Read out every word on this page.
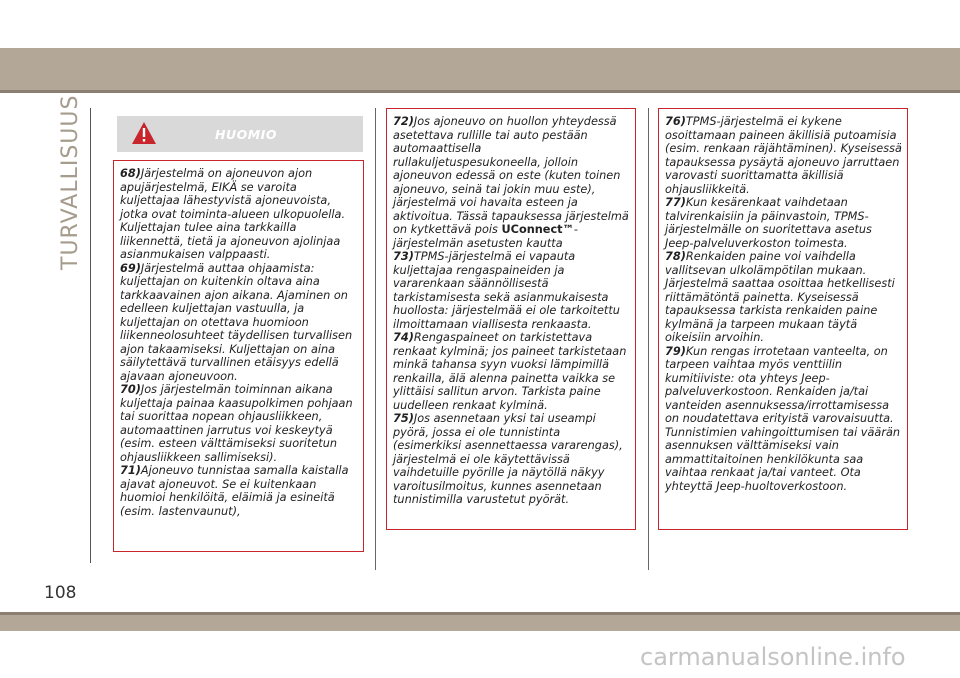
TURVALLISUUS	HUOMIO

68)Järjestelmä on ajoneuvon ajon apujärjestelmä, EIKÄ se varoita kuljettajaa lähestyvistä ajoneuvoista, jotka ovat toiminta-alueen ulkopuolella. Kuljettajan tulee aina tarkkailla liikennettä, tietä ja ajoneuvon ajolinjaa asianmukaisen valppaasti.

69)Järjestelmä auttaa ohjaamista: kuljettajan on kuitenkin oltava aina tarkkaavainen ajon aikana. Ajaminen on edelleen kuljettajan vastuulla, ja kuljettajan on otettava huomioon liikenneolosuhteet täydellisen turvallisen ajon takaamiseksi. Kuljettajan on aina säilytettävä turvallinen etäisyys edellä ajavaan ajoneuvoon.

70)Jos järjestelmän toiminnan aikana kuljettaja painaa kaasupolkimen pohjaan tai suorittaa nopean ohjausliikkeen, automaattinen jarrutus voi keskeytyä (esim. esteen välttämiseksi suoritetun ohjausliikkeen sallimiseksi).

71)Ajoneuvo tunnistaa samalla kaistalla ajavat ajoneuvot. Se ei kuitenkaan huomioi henkilöitä, eläimiä ja esineitä (esim. lastenvaunut),

72)Jos ajoneuvo on huollon yhteydessä asetettava rullille tai auto pestään automaattisella rullakuljetuspesukoneella, jolloin ajoneuvon edessä on este (kuten toinen ajoneuvo, seinä tai jokin muu este), järjestelmä voi havaita esteen ja aktivoitua. Tässä tapauksessa järjestelmä on kytkettävä pois UConnect™-järjestelmän asetusten kautta

73)TPMS-järjestelmä ei vapauta kuljettajaa rengaspaineiden ja vararenkaan säännöllisestä tarkistamisesta sekä asianmukaisesta huollosta: järjestelmää ei ole tarkoitettu ilmoittamaan viallisesta renkaasta.

74)Rengaspaineet on tarkistettava renkaat kylminä; jos paineet tarkistetaan minkä tahansa syyn vuoksi lämpimillä renkailla, älä alenna painetta vaikka se ylittäisi sallitun arvon. Tarkista paine uudelleen renkaat kylminä.

75)Jos asennetaan yksi tai useampi pyörä, jossa ei ole tunnistinta (esimerkiksi asennettaessa vararengas), järjestelmä ei ole käytettävissä vaihdetuille pyörille ja näytöllä näkyy varoitusilmoitus, kunnes asennetaan tunnistimilla varustetut pyörät.

76)TPMS-järjestelmä ei kykene osoittamaan paineen äkillisiä putoamisia (esim. renkaan räjähtäminen). Kyseisessä tapauksessa pysäytä ajoneuvo jarruttaen varovasti suorittamatta äkillisiä ohjausliikkeitä.

77)Kun kesärenkaat vaihdetaan talvirenkaisiin ja päinvastoin, TPMS-järjestelmälle on suoritettava asetus Jeep-palveluverkoston toimesta.

78)Renkaiden paine voi vaihdella vallitsevan ulkolämpötilan mukaan. Järjestelmä saattaa osoittaa hetkellisesti riittämätöntä painetta. Kyseisessä tapauksessa tarkista renkaiden paine kylmänä ja tarpeen mukaan täytä oikeisiin arvoihin.

79)Kun rengas irrotetaan vanteelta, on tarpeen vaihtaa myös venttiilin kumitiiviste: ota yhteys Jeep-palveluverkostoon. Renkaiden ja/tai vanteiden asennuksessa/irrottamisessa on noudatettava erityistä varovaisuutta. Tunnistimien vahingoittumisen tai väärän asennuksen välttämiseksi vain ammattitaitoinen henkilökunta saa vaihtaa renkaat ja/tai vanteet. Ota yhteyttä Jeep-huoltoverkostoon.

108
carmanualsonline.info
